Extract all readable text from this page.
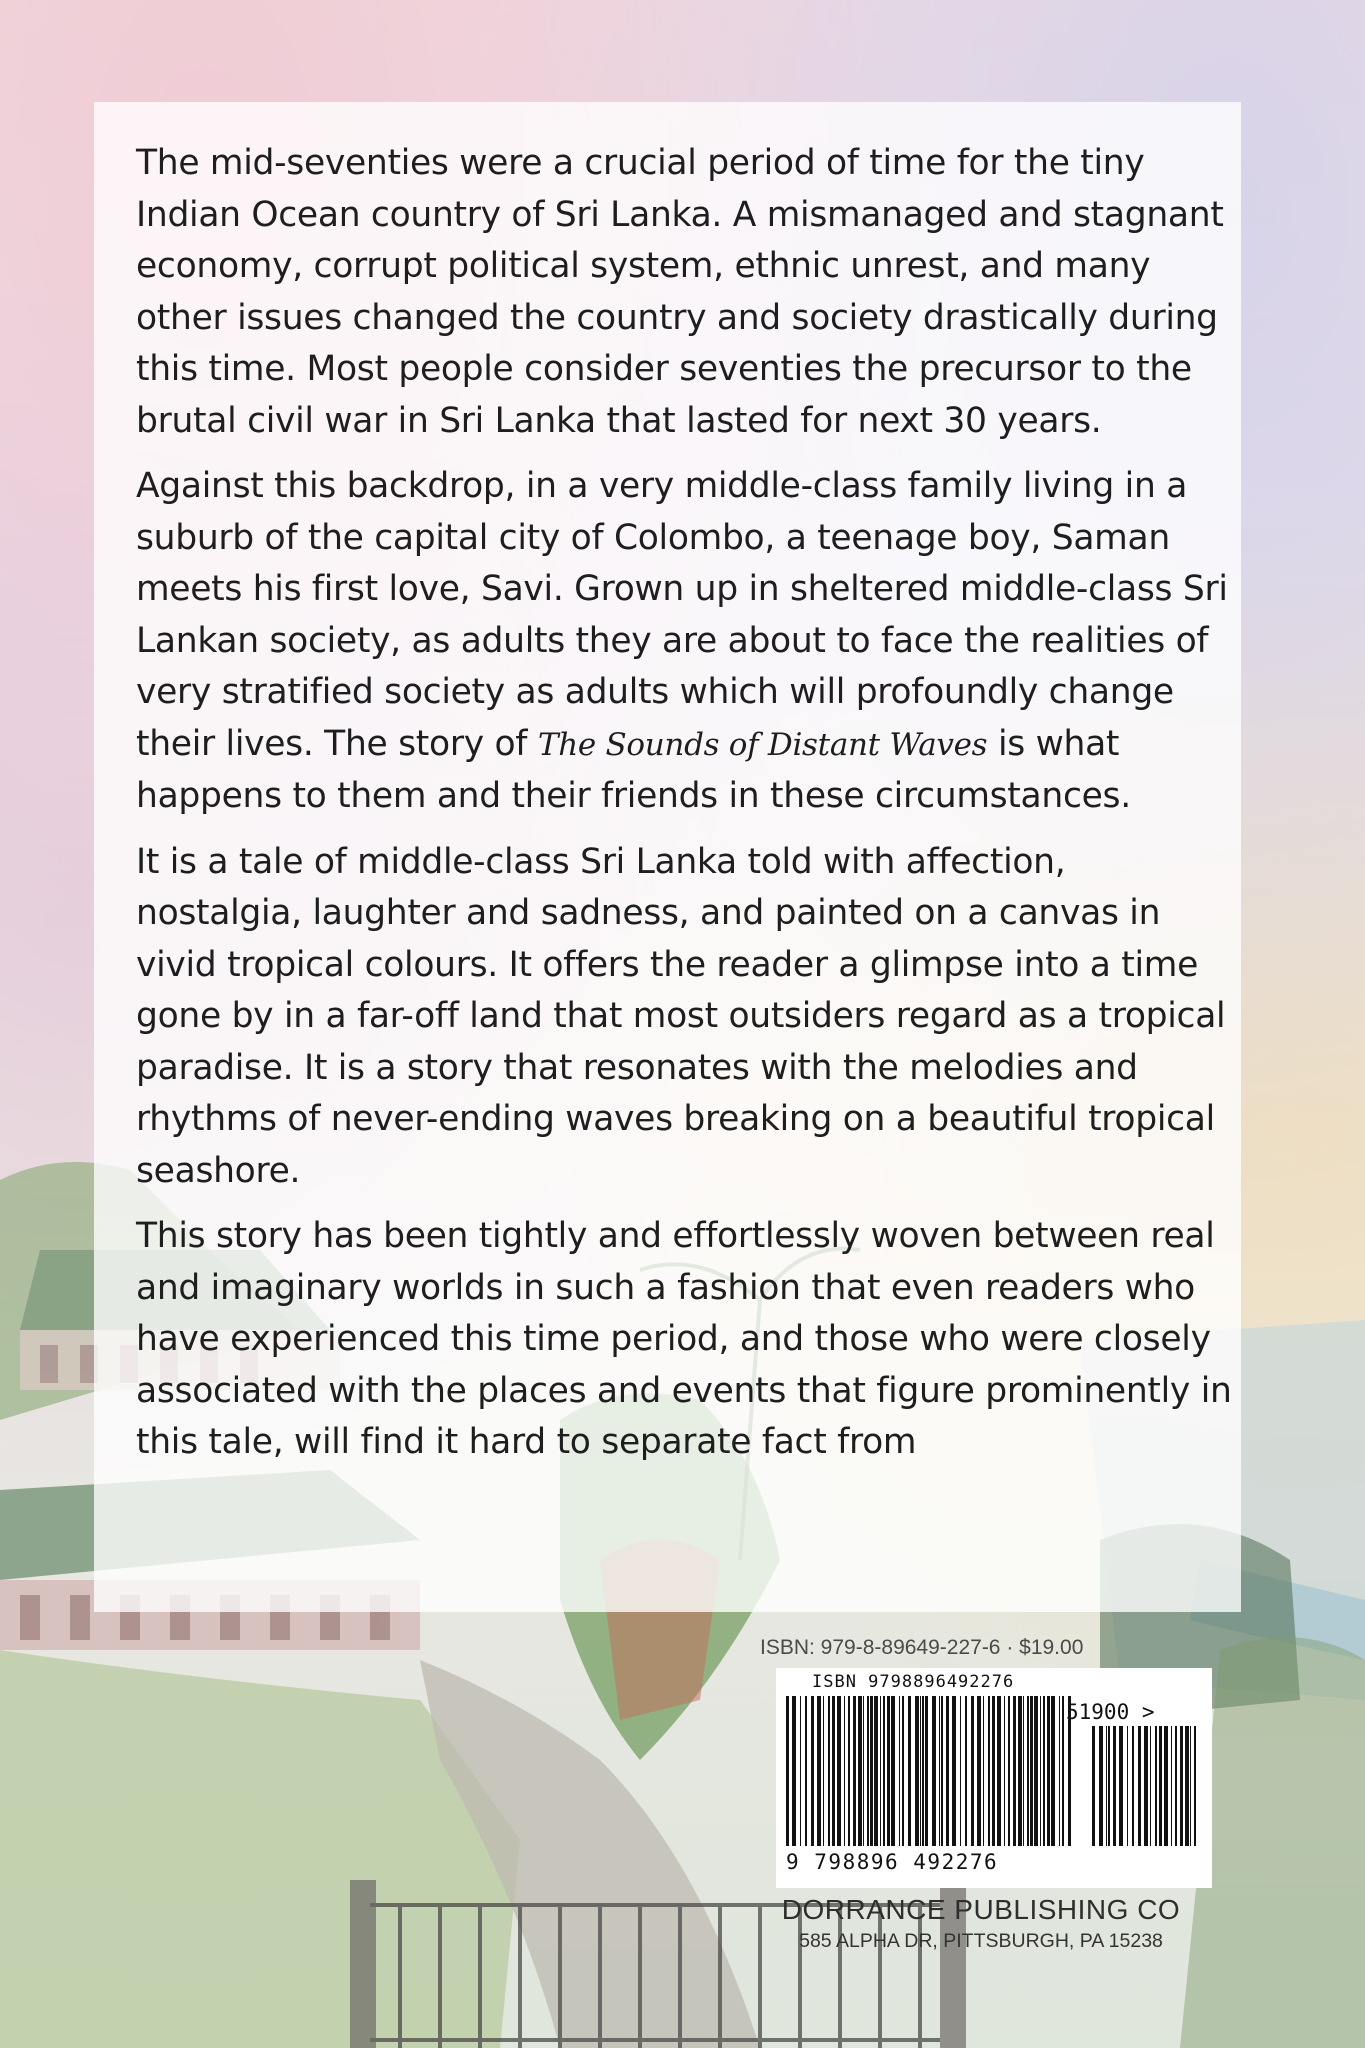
The mid-seventies were a crucial period of time for the tiny Indian Ocean country of Sri Lanka. A mismanaged and stagnant economy, corrupt political system, ethnic unrest, and many other issues changed the country and society drastically during this time. Most people consider seventies the precursor to the brutal civil war in Sri Lanka that lasted for next 30 years.

Against this backdrop, in a very middle-class family living in a suburb of the capital city of Colombo, a teenage boy, Saman meets his first love, Savi. Grown up in sheltered middle-class Sri Lankan society, as adults they are about to face the realities of very stratified society as adults which will profoundly change their lives. The story of The Sounds of Distant Waves is what happens to them and their friends in these circumstances.

It is a tale of middle-class Sri Lanka told with affection, nostalgia, laughter and sadness, and painted on a canvas in vivid tropical colours. It offers the reader a glimpse into a time gone by in a far-off land that most outsiders regard as a tropical paradise. It is a story that resonates with the melodies and rhythms of never-ending waves breaking on a beautiful tropical seashore.

This story has been tightly and effortlessly woven between real and imaginary worlds in such a fashion that even readers who have experienced this time period, and those who were closely associated with the places and events that figure prominently in this tale, will find it hard to separate fact from

ISBN: 979-8-89649-227-6 · $19.00
ISBN 9798896492276
51900 >
9 798896 492276
DORRANCE PUBLISHING CO
585 ALPHA DR, PITTSBURGH, PA 15238
